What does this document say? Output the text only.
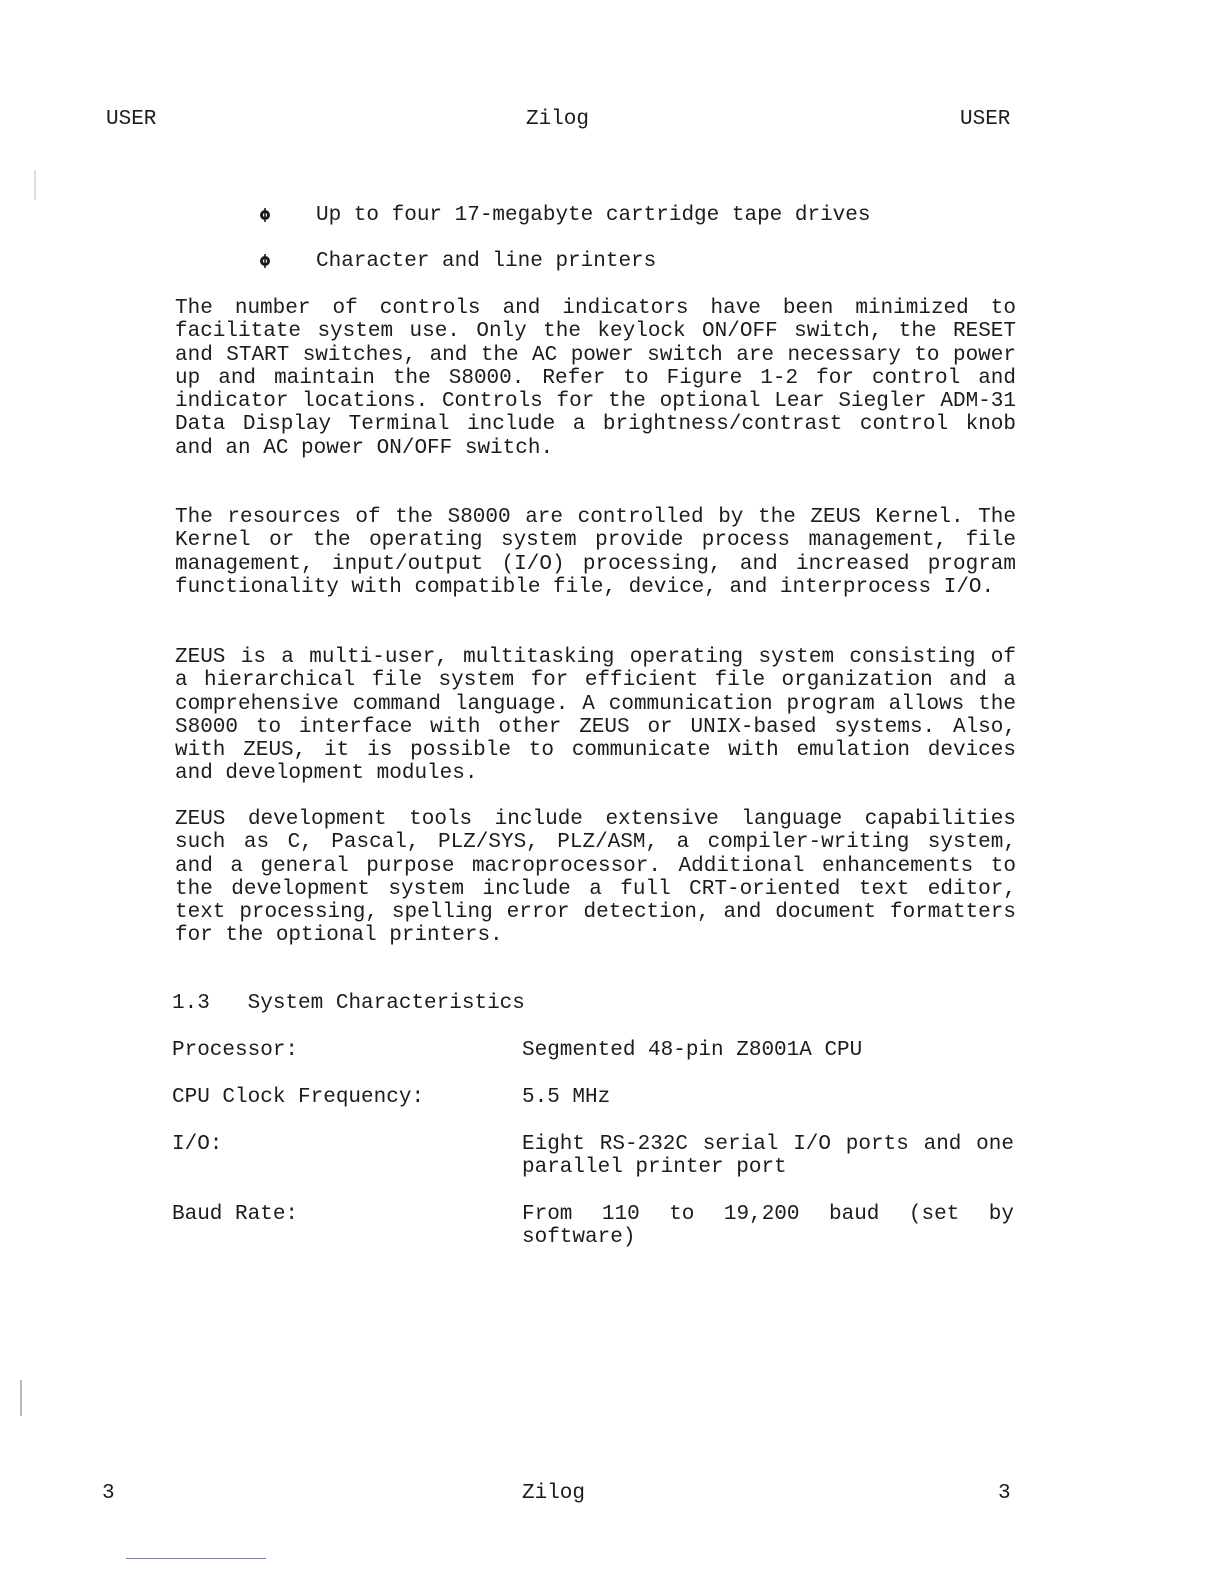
USER	Zilog	USER
Up to four 17-megabyte cartridge tape drives
Character and line printers

The number of controls and indicators have been minimized to facilitate system use. Only the keylock ON/OFF switch, the RESET and START switches, and the AC power switch are necessary to power up and maintain the S8000. Refer to Figure 1-2 for control and indicator locations. Controls for the optional Lear Siegler ADM-31 Data Display Terminal include a brightness/contrast control knob and an AC power ON/OFF switch.

The resources of the S8000 are controlled by the ZEUS Kernel. The Kernel or the operating system provide process management, file management, input/output (I/O) processing, and increased program functionality with compatible file, device, and interprocess I/O.

ZEUS is a multi-user, multitasking operating system consisting of a hierarchical file system for efficient file organization and a comprehensive command language. A communication program allows the S8000 to interface with other ZEUS or UNIX-based systems. Also, with ZEUS, it is possible to communicate with emulation devices and development modules.

ZEUS development tools include extensive language capabilities such as C, Pascal, PLZ/SYS, PLZ/ASM, a compiler-writing system, and a general purpose macroprocessor. Additional enhancements to the development system include a full CRT-oriented text editor, text processing, spelling error detection, and document formatters for the optional printers.

1.3 System Characteristics
Processor:	Segmented 48-pin Z8001A CPU
CPU Clock Frequency:	5.5 MHz
I/O:	Eight RS-232C serial I/O ports and one parallel printer port
Baud Rate:	From 110 to 19,200 baud (set by software)
3	Zilog	3
